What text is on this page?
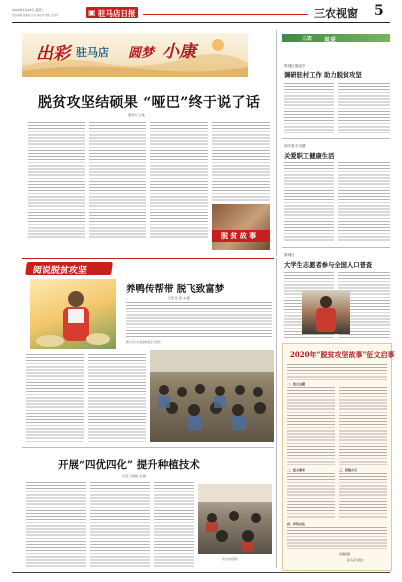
2020年4月28日 星期二
责任编辑 张建新 校对 李世平 组版 范翠玲	▣ 驻马店日报	三农视窗 5
出彩 驻马店 圆梦 小康
脱贫攻坚结硕果 “哑巴”终于说了话
通讯员 马 驰
脱 贫 故 事
三农 风采
驿城区胡庙乡
调研驻村工作 助力脱贫攻坚
西平县专出镇
关爱职工健康生活
驿城区
大学生志愿者参与全国人口普查
阅说脱贫攻坚
养鸭传帮带 脱飞致富梦
记者 张 颖 文/图
图为 农户在查看鸭苗生长情况
2020年“脱贫攻坚故事”征文启事
一、征文主题
二、征文要求	三、投稿方式
四、评奖办法
投稿邮箱
驻马店日报社
开展“四优四化” 提升种植技术
记者 王晓娟 文/图
技术培训现场
